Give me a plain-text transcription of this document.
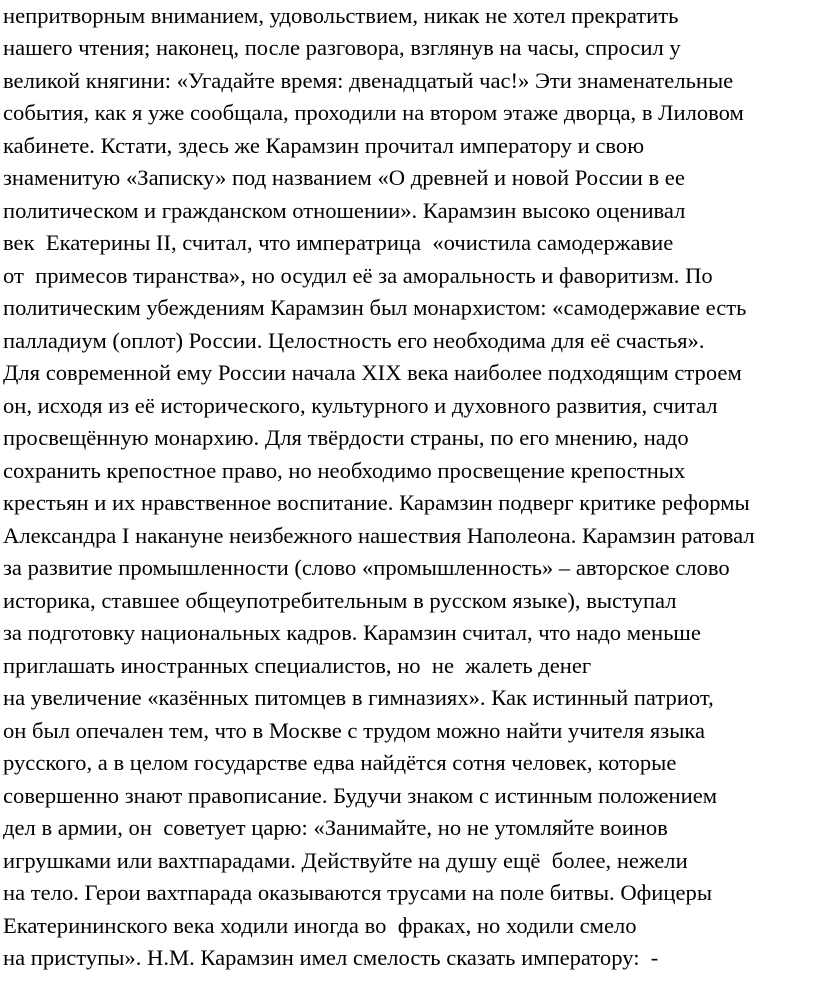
непритворным вниманием, удовольствием, никак не хотел прекратить
нашего чтения; наконец, после разговора, взглянув на часы, спросил у
великой княгини: «Угадайте время: двенадцатый час!» Эти знаменательные
события, как я уже сообщала, проходили на втором этаже дворца, в Лиловом
кабинете. Кстати, здесь же Карамзин прочитал императору и свою
знаменитую «Записку» под названием «О древней и новой России в ее
политическом и гражданском отношении». Карамзин высоко оценивал
век  Екатерины II, считал, что императрица  «очистила самодержавие
от  примесов тиранства», но осудил её за аморальность и фаворитизм. По
политическим убеждениям Карамзин был монархистом: «самодержавие есть
палладиум (оплот) России. Целостность его необходима для её счастья».
Для современной ему России начала XIX века наиболее подходящим строем
он, исходя из её исторического, культурного и духовного развития, считал
просвещённую монархию. Для твёрдости страны, по его мнению, надо
сохранить крепостное право, но необходимо просвещение крепостных
крестьян и их нравственное воспитание. Карамзин подверг критике реформы
Александра I накануне неизбежного нашествия Наполеона. Карамзин ратовал
за развитие промышленности (слово «промышленность» – авторское слово
историка, ставшее общеупотребительным в русском языке), выступал
за подготовку национальных кадров. Карамзин считал, что надо меньше
приглашать иностранных специалистов, но  не  жалеть денег
на увеличение «казённых питомцев в гимназиях». Как истинный патриот,
он был опечален тем, что в Москве с трудом можно найти учителя языка
русского, а в целом государстве едва найдётся сотня человек, которые
совершенно знают правописание. Будучи знаком с истинным положением
дел в армии, он  советует царю: «Занимайте, но не утомляйте воинов
игрушками или вахтпарадами. Действуйте на душу ещё  более, нежели
на тело. Герои вахтпарада оказываются трусами на поле битвы. Офицеры
Екатерининского века ходили иногда во  фраках, но ходили смело
на приступы». Н.М. Карамзин имел смелость сказать императору:  -
